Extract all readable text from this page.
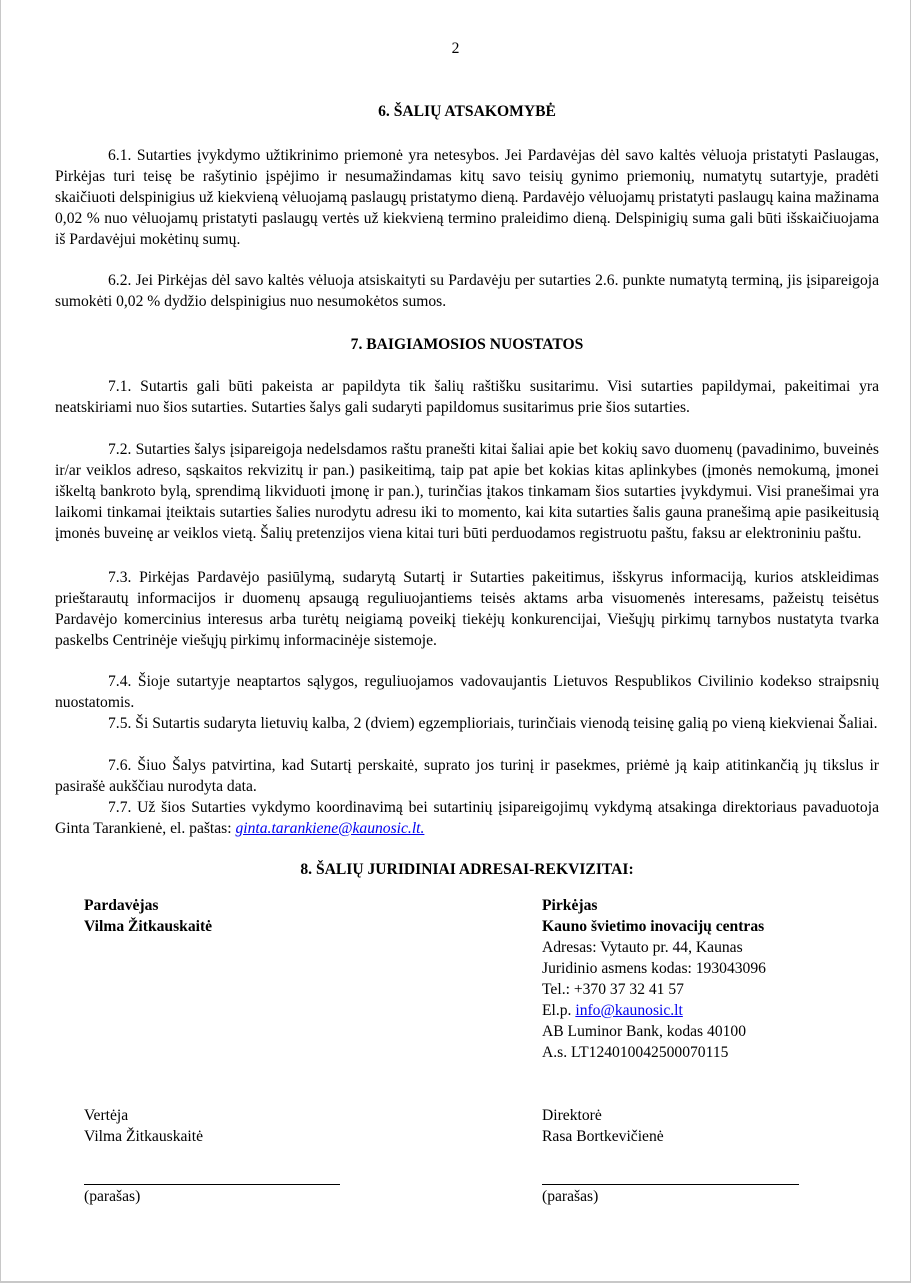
2
6. ŠALIŲ ATSAKOMYBĖ

6.1. Sutarties įvykdymo užtikrinimo priemonė yra netesybos. Jei Pardavėjas dėl savo kaltės vėluoja pristatyti Paslaugas, Pirkėjas turi teisę be rašytinio įspėjimo ir nesumažindamas kitų savo teisių gynimo priemonių, numatytų sutartyje, pradėti skaičiuoti delspinigius už kiekvieną vėluojamą paslaugų pristatymo dieną. Pardavėjo vėluojamų pristatyti paslaugų kaina mažinama 0,02 % nuo vėluojamų pristatyti paslaugų vertės už kiekvieną termino praleidimo dieną. Delspinigių suma gali būti išskaičiuojama iš Pardavėjui mokėtinų sumų.

6.2. Jei Pirkėjas dėl savo kaltės vėluoja atsiskaityti su Pardavėju per sutarties 2.6. punkte numatytą terminą, jis įsipareigoja sumokėti 0,02 % dydžio delspinigius nuo nesumokėtos sumos.

7. BAIGIAMOSIOS NUOSTATOS

7.1. Sutartis gali būti pakeista ar papildyta tik šalių raštišku susitarimu. Visi sutarties papildymai, pakeitimai yra neatskiriami nuo šios sutarties. Sutarties šalys gali sudaryti papildomus susitarimus prie šios sutarties.

7.2. Sutarties šalys įsipareigoja nedelsdamos raštu pranešti kitai šaliai apie bet kokių savo duomenų (pavadinimo, buveinės ir/ar veiklos adreso, sąskaitos rekvizitų ir pan.) pasikeitimą, taip pat apie bet kokias kitas aplinkybes (įmonės nemokumą, įmonei iškeltą bankroto bylą, sprendimą likviduoti įmonę ir pan.), turinčias įtakos tinkamam šios sutarties įvykdymui. Visi pranešimai yra laikomi tinkamai įteiktais sutarties šalies nurodytu adresu iki to momento, kai kita sutarties šalis gauna pranešimą apie pasikeitusią įmonės buveinę ar veiklos vietą. Šalių pretenzijos viena kitai turi būti perduodamos registruotu paštu, faksu ar elektroniniu paštu.

7.3. Pirkėjas Pardavėjo pasiūlymą, sudarytą Sutartį ir Sutarties pakeitimus, išskyrus informaciją, kurios atskleidimas prieštarautų informacijos ir duomenų apsaugą reguliuojantiems teisės aktams arba visuomenės interesams, pažeistų teisėtus Pardavėjo komercinius interesus arba turėtų neigiamą poveikį tiekėjų konkurencijai, Viešųjų pirkimų tarnybos nustatyta tvarka paskelbs Centrinėje viešųjų pirkimų informacinėje sistemoje.

7.4. Šioje sutartyje neaptartos sąlygos, reguliuojamos vadovaujantis Lietuvos Respublikos Civilinio kodekso straipsnių nuostatomis.

7.5. Ši Sutartis sudaryta lietuvių kalba, 2 (dviem) egzemplioriais, turinčiais vienodą teisinę galią po vieną kiekvienai Šaliai.

7.6. Šiuo Šalys patvirtina, kad Sutartį perskaitė, suprato jos turinį ir pasekmes, priėmė ją kaip atitinkančią jų tikslus ir pasirašė aukščiau nurodyta data.

7.7. Už šios Sutarties vykdymo koordinavimą bei sutartinių įsipareigojimų vykdymą atsakinga direktoriaus pavaduotoja Ginta Tarankienė, el. paštas: ginta.tarankiene@kaunosic.lt.

8. ŠALIŲ JURIDINIAI ADRESAI-REKVIZITAI:
Pardavėjas
Vilma Žitkauskaitė
Pirkėjas
Kauno švietimo inovacijų centras
Adresas: Vytauto pr. 44, Kaunas
Juridinio asmens kodas: 193043096
Tel.: +370 37 32 41 57
El.p. info@kaunosic.lt
AB Luminor Bank, kodas 40100
A.s. LT124010042500070115
Vertėja
Vilma Žitkauskaitė
Direktorė
Rasa Bortkevičienė
(parašas)	(parašas)
